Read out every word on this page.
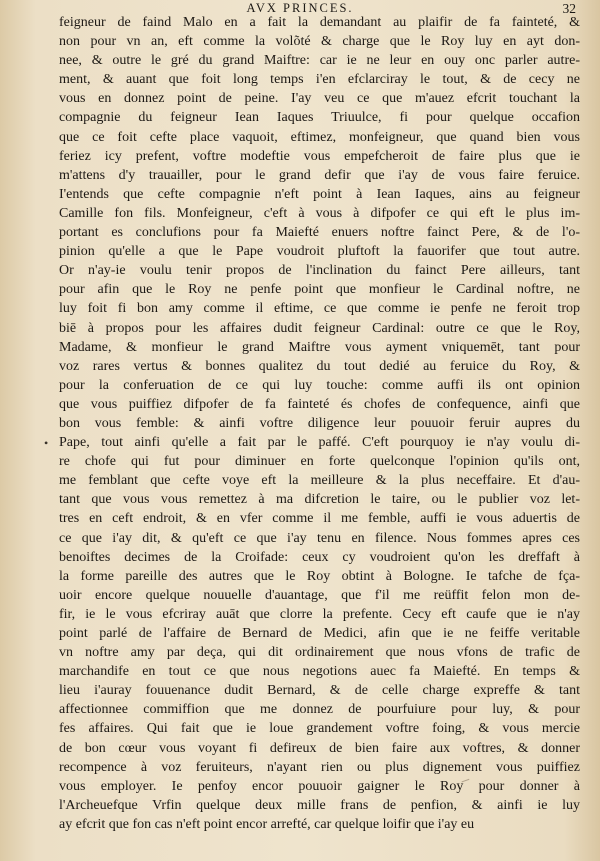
AVX PRINCES.	32
feigneur de faind Malo en a fait la demandant au plaifir de fa fainteté, &
non pour vn an, eft comme la volõté & charge que le Roy luy en ayt don-
nee, & outre le gré du grand Maiftre: car ie ne leur en ouy onc parler autre-
ment, & auant que foit long temps i'en efclarciray le tout, & de cecy ne
vous en donnez point de peine. I'ay veu ce que m'auez efcrit touchant la
compagnie du feigneur Iean Iaques Triuulce, fi pour quelque occafion
que ce foit cefte place vaquoit, eftimez, monfeigneur, que quand bien vous
feriez icy prefent, voftre modeftie vous empefcheroit de faire plus que ie
m'attens d'y trauailler, pour le grand defir que i'ay de vous faire feruice.
I'entends que cefte compagnie n'eft point à Iean Iaques, ains au feigneur
Camille fon fils. Monfeigneur, c'eft à vous à difpofer ce qui eft le plus im-
portant es conclufions pour fa Maiefté enuers noftre fainct Pere, & de l'o-
pinion qu'elle a que le Pape voudroit pluftoft la fauorifer que tout autre.
Or n'ay-ie voulu tenir propos de l'inclination du fainct Pere ailleurs, tant
pour afin que le Roy ne penfe point que monfieur le Cardinal noftre, ne
luy foit fi bon amy comme il eftime, ce que comme ie penfe ne feroit trop
biē à propos pour les affaires dudit feigneur Cardinal: outre ce que le Roy,
Madame, & monfieur le grand Maiftre vous ayment vniquemēt, tant pour
voz rares vertus & bonnes qualitez du tout dedié au feruice du Roy, &
pour la conferuation de ce qui luy touche: comme auffi ils ont opinion
que vous puiffiez difpofer de fa fainteté és chofes de confequence, ainfi que
bon vous femble: & ainfi voftre diligence leur pouuoir feruir aupres du
Pape, tout ainfi qu'elle a fait par le paffé. C'eft pourquoy ie n'ay voulu di-
re chofe qui fut pour diminuer en forte quelconque l'opinion qu'ils ont,
me femblant que cefte voye eft la meilleure & la plus neceffaire. Et d'au-
tant que vous vous remettez à ma difcretion le taire, ou le publier voz let-
tres en ceft endroit, & en vfer comme il me femble, auffi ie vous aduertis de
ce que i'ay dit, & qu'eft ce que i'ay tenu en filence. Nous fommes apres ces
benoiftes decimes de la Croifade: ceux cy voudroient qu'on les dreffaft à
la forme pareille des autres que le Roy obtint à Bologne. Ie tafche de fça-
uoir encore quelque nouuelle d'auantage, que f'il me reüffit felon mon de-
fir, ie le vous efcriray auāt que clorre la prefente. Cecy eft caufe que ie n'ay
point parlé de l'affaire de Bernard de Medici, afin que ie ne feiffe veritable
vn noftre amy par deça, qui dit ordinairement que nous vfons de trafic de
marchandife en tout ce que nous negotions auec fa Maiefté. En temps &
lieu i'auray fouuenance dudit Bernard, & de celle charge expreffe & tant
affectionnee commiffion que me donnez de pourfuiure pour luy, & pour
fes affaires. Qui fait que ie loue grandement voftre foing, & vous mercie
de bon cœur vous voyant fi defireux de bien faire aux voftres, & donner
recompence à voz feruiteurs, n'ayant rien ou plus dignement vous puiffiez
vous employer. Ie penfoy encor pouuoir gaigner le Roy pour donner à
l'Archeuefque Vrfin quelque deux mille frans de penfion, & ainfi ie luy
ay efcrit que fon cas n'eft point encor arrefté, car quelque loifir que i'ay eu
•
